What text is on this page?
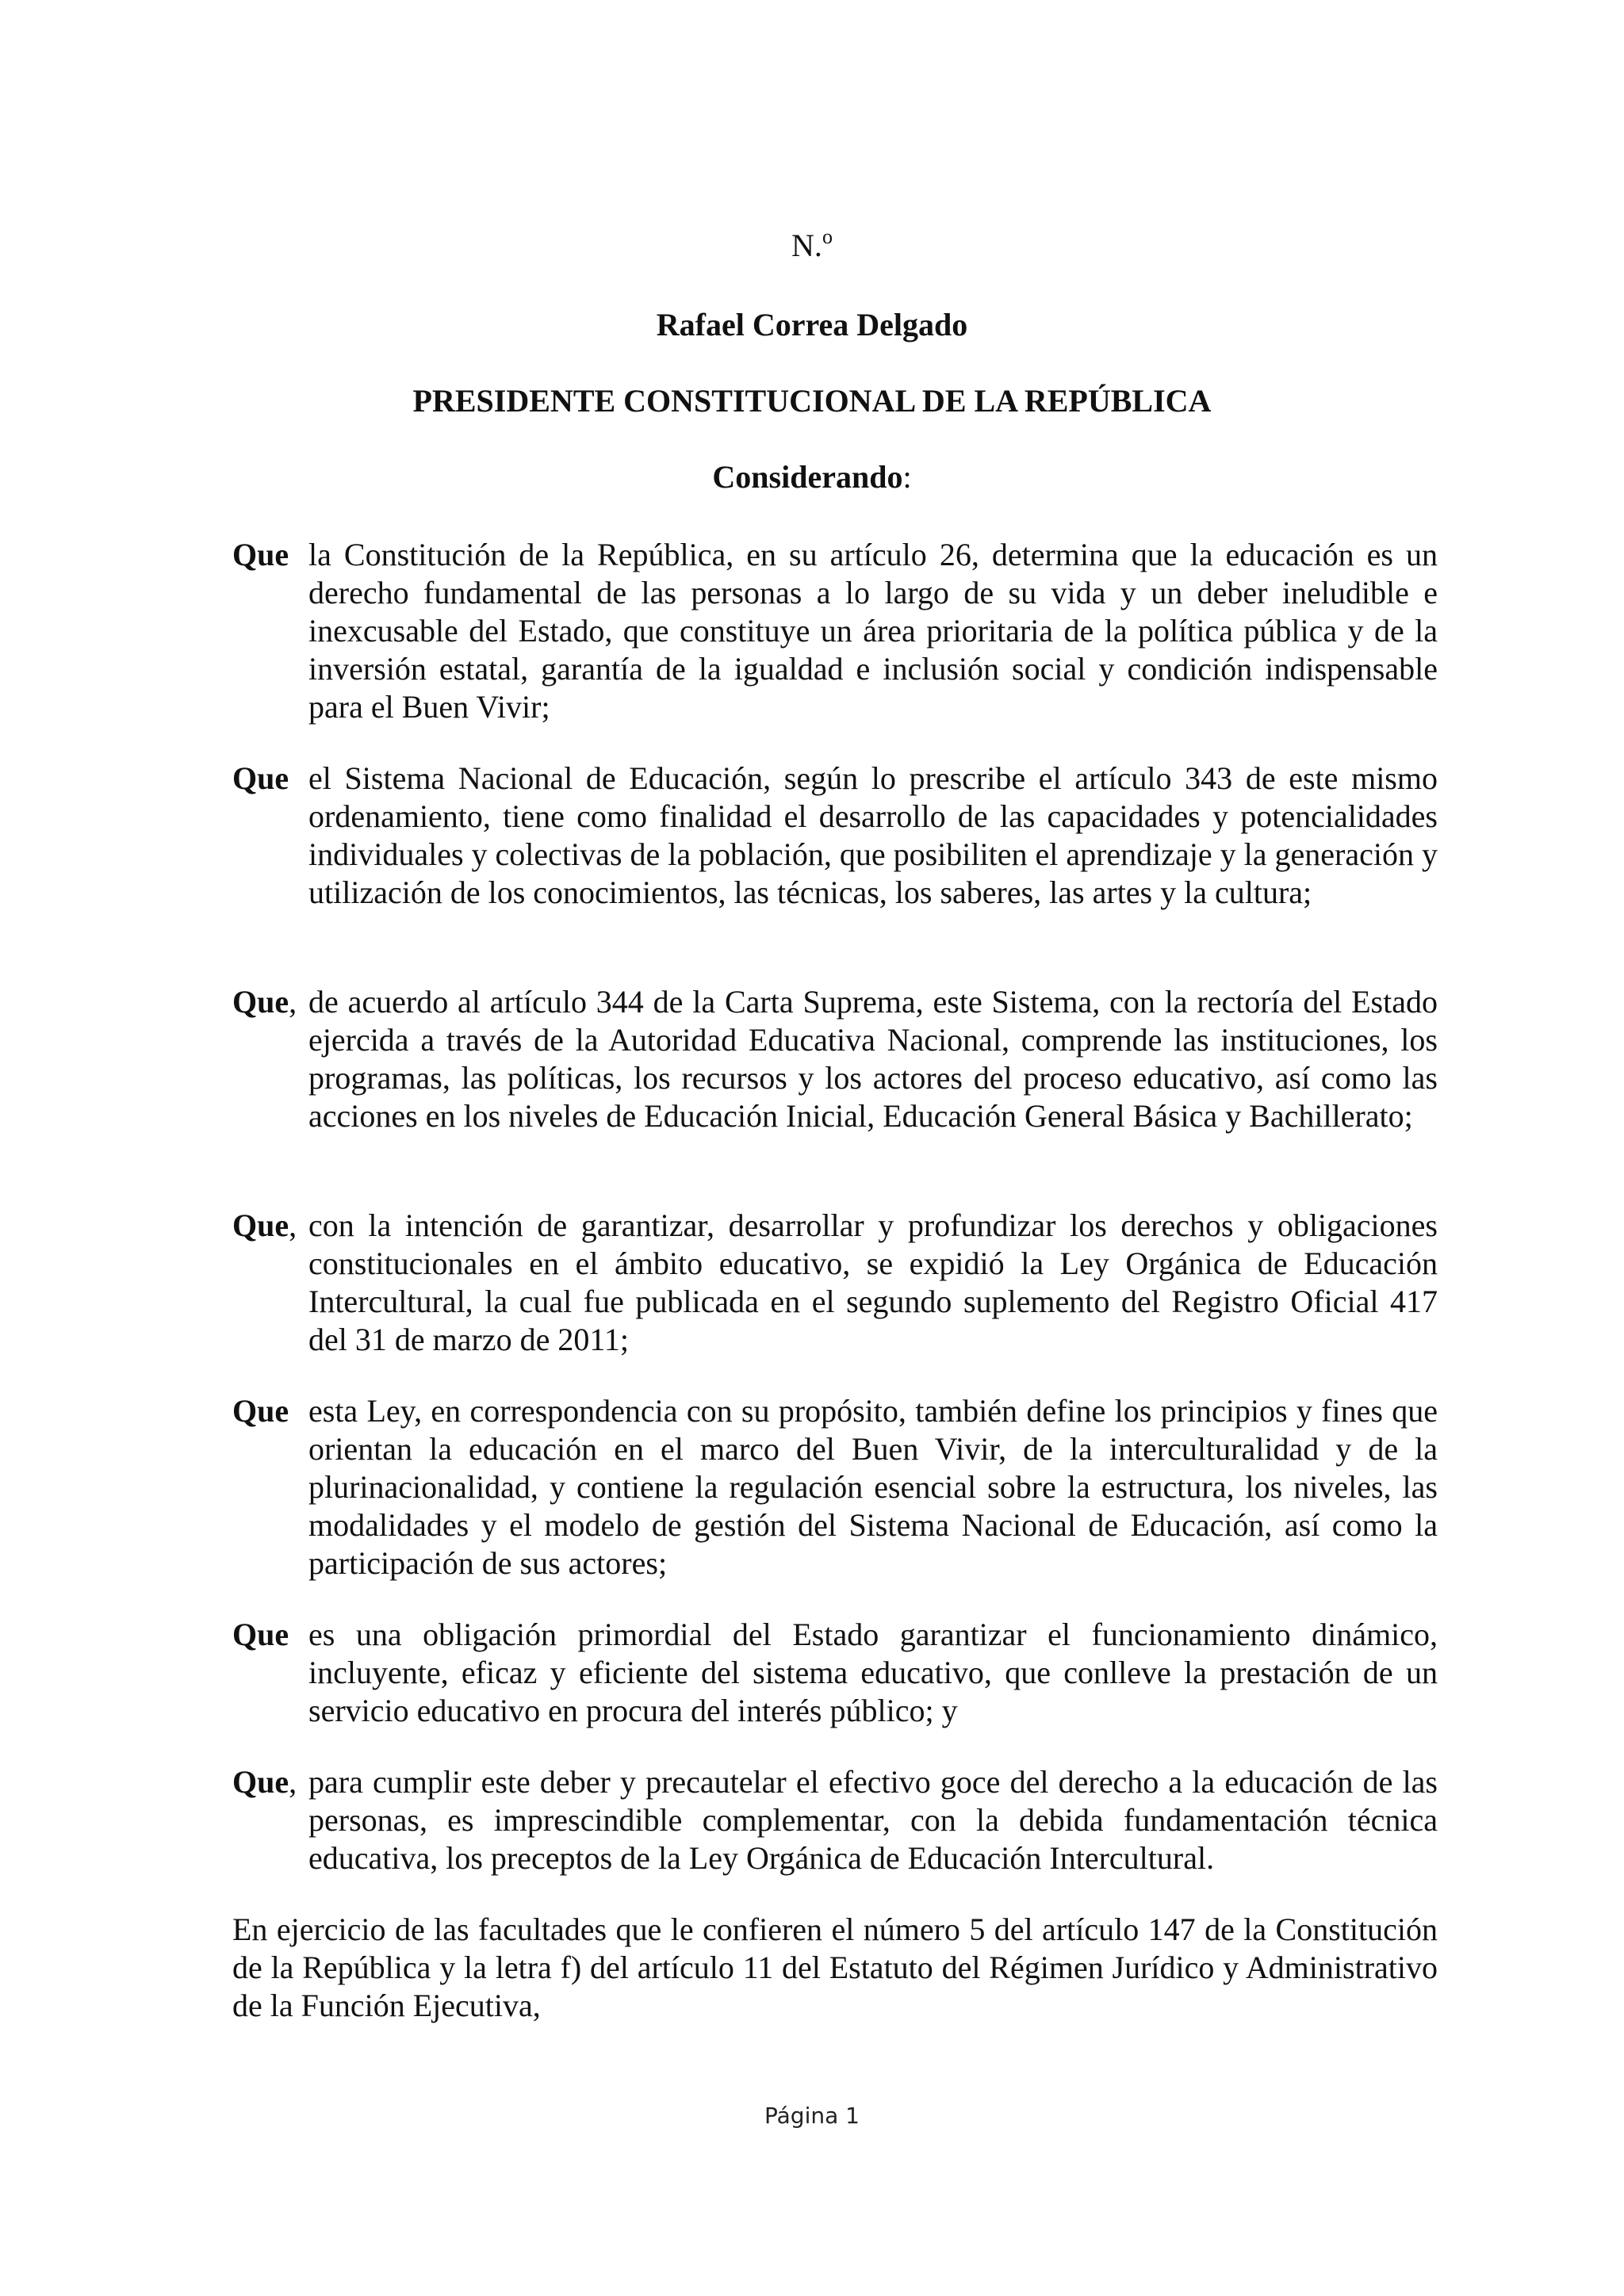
N.$^o$
Rafael Correa Delgado
PRESIDENTE CONSTITUCIONAL DE LA REPÚBLICA
Considerando:
Que la Constitución de la República, en su artículo 26, determina que la educación es un derecho fundamental de las personas a lo largo de su vida y un deber ineludible e inexcusable del Estado, que constituye un área prioritaria de la política pública y de la inversión estatal, garantía de la igualdad e inclusión social y condición indispensable para el Buen Vivir;
Que el Sistema Nacional de Educación, según lo prescribe el artículo 343 de este mismo ordenamiento, tiene como finalidad el desarrollo de las capacidades y potencialidades individuales y colectivas de la población, que posibiliten el aprendizaje y la generación y utilización de los conocimientos, las técnicas, los saberes, las artes y la cultura;
Que, de acuerdo al artículo 344 de la Carta Suprema, este Sistema, con la rectoría del Estado ejercida a través de la Autoridad Educativa Nacional, comprende las instituciones, los programas, las políticas, los recursos y los actores del proceso educativo, así como las acciones en los niveles de Educación Inicial, Educación General Básica y Bachillerato;
Que, con la intención de garantizar, desarrollar y profundizar los derechos y obligaciones constitucionales en el ámbito educativo, se expidió la Ley Orgánica de Educación Intercultural, la cual fue publicada en el segundo suplemento del Registro Oficial 417 del 31 de marzo de 2011;
Que esta Ley, en correspondencia con su propósito, también define los principios y fines que orientan la educación en el marco del Buen Vivir, de la interculturalidad y de la plurinacionalidad, y contiene la regulación esencial sobre la estructura, los niveles, las modalidades y el modelo de gestión del Sistema Nacional de Educación, así como la participación de sus actores;
Que es una obligación primordial del Estado garantizar el funcionamiento dinámico, incluyente, eficaz y eficiente del sistema educativo, que conlleve la prestación de un servicio educativo en procura del interés público; y
Que, para cumplir este deber y precautelar el efectivo goce del derecho a la educación de las personas, es imprescindible complementar, con la debida fundamentación técnica educativa, los preceptos de la Ley Orgánica de Educación Intercultural.
En ejercicio de las facultades que le confieren el número 5 del artículo 147 de la Constitución de la República y la letra f) del artículo 11 del Estatuto del Régimen Jurídico y Administrativo de la Función Ejecutiva,
Página 1
